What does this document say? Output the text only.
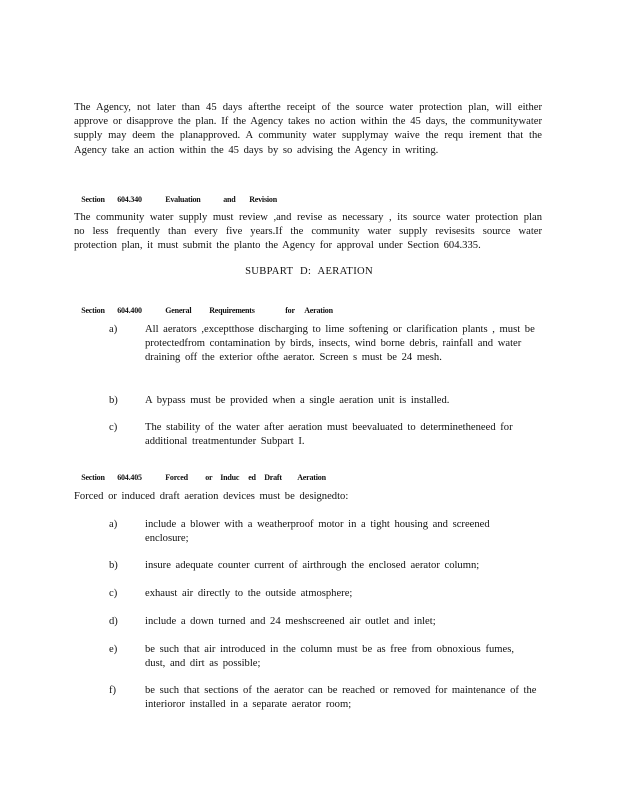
The Agency, not later than 45 days afterthe receipt of the source water protection plan, will either approve or disapprove the plan. If the Agency takes no action within the 45 days, the communitywater supply may deem the planapproved. A community water supplymay waive the requ irement that the Agency take an action within the 45 days by so advising the Agency in writing.

Section 604.340	Evaluation	and Revision

The community water supply must review ,and revise as necessary , its source water protection plan no less frequently than every five years.If the community water supply revisesits source water protection plan, it must submit the planto the Agency for approval under Section 604.335.
SUBPART D: AERATION

Section 604.400	General Requirements	for Aeration

a)	All aerators ,exceptthose discharging to lime softening or clarification plants , must be protectedfrom contamination by birds, insects, wind borne debris, rainfall and water draining off the exterior ofthe aerator. Screen s must be 24 mesh.
b)	A bypass must be provided when a single aeration unit is installed.
c)	The stability of the water after aeration must beevaluated to determinetheneed for additional treatmentunder Subpart I.

Section 604.405	Forced or Induc ed Draft Aeration

Forced or induced draft aeration devices must be designedto:
a)	include a blower with a weatherproof motor in a tight housing and screened enclosure;
b)	insure adequate counter current of airthrough the enclosed aerator column;
c)	exhaust air directly to the outside atmosphere;
d)	include a down turned and 24 meshscreened air outlet and inlet;
e)	be such that air introduced in the column must be as free from obnoxious fumes, dust, and dirt as possible;
f)	be such that sections of the aerator can be reached or removed for maintenance of the interioror installed in a separate aerator room;
